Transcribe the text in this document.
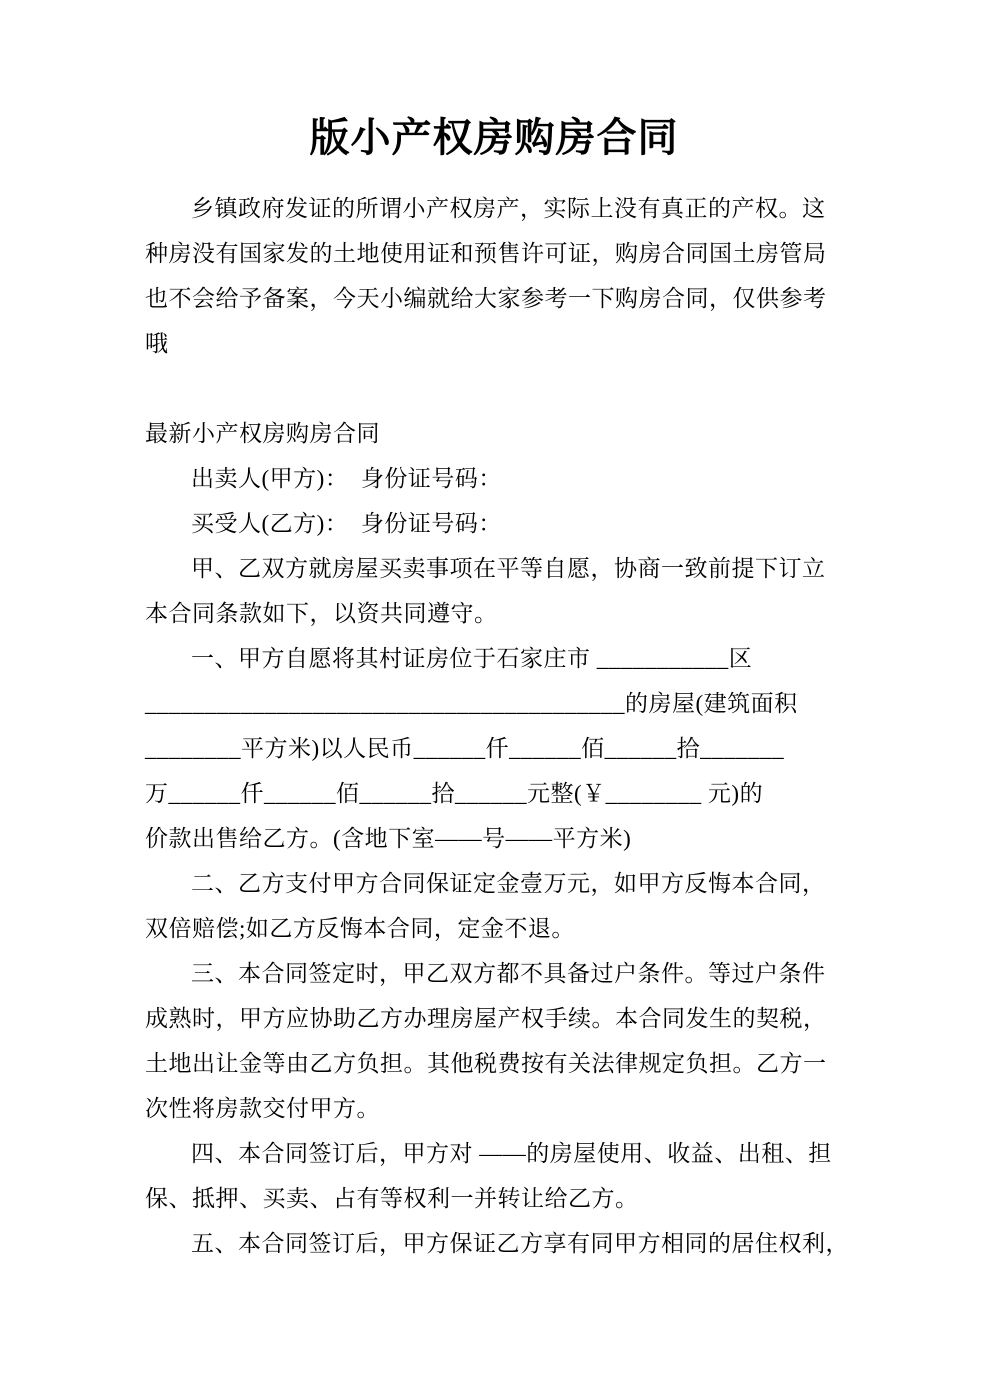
版小产权房购房合同
乡镇政府发证的所谓小产权房产，实际上没有真正的产权。这
种房没有国家发的土地使用证和预售许可证，购房合同国土房管局
也不会给予备案，今天小编就给大家参考一下购房合同，仅供参考
哦
最新小产权房购房合同
出卖人(甲方)：  身份证号码：
买受人(乙方)：  身份证号码：
甲、乙双方就房屋买卖事项在平等自愿，协商一致前提下订立
本合同条款如下，以资共同遵守。
一、甲方自愿将其村证房位于石家庄市 ___________区
________________________________________的房屋(建筑面积
________平方米)以人民币______仟______佰______拾_______
万______仟______佰______拾______元整(￥________ 元)的
价款出售给乙方。(含地下室——号——平方米)
二、乙方支付甲方合同保证定金壹万元，如甲方反悔本合同，
双倍赔偿;如乙方反悔本合同，定金不退。
三、本合同签定时，甲乙双方都不具备过户条件。等过户条件
成熟时，甲方应协助乙方办理房屋产权手续。本合同发生的契税，
土地出让金等由乙方负担。其他税费按有关法律规定负担。乙方一
次性将房款交付甲方。
四、本合同签订后，甲方对 ——的房屋使用、收益、出租、担
保、抵押、买卖、占有等权利一并转让给乙方。
五、本合同签订后，甲方保证乙方享有同甲方相同的居住权利，
